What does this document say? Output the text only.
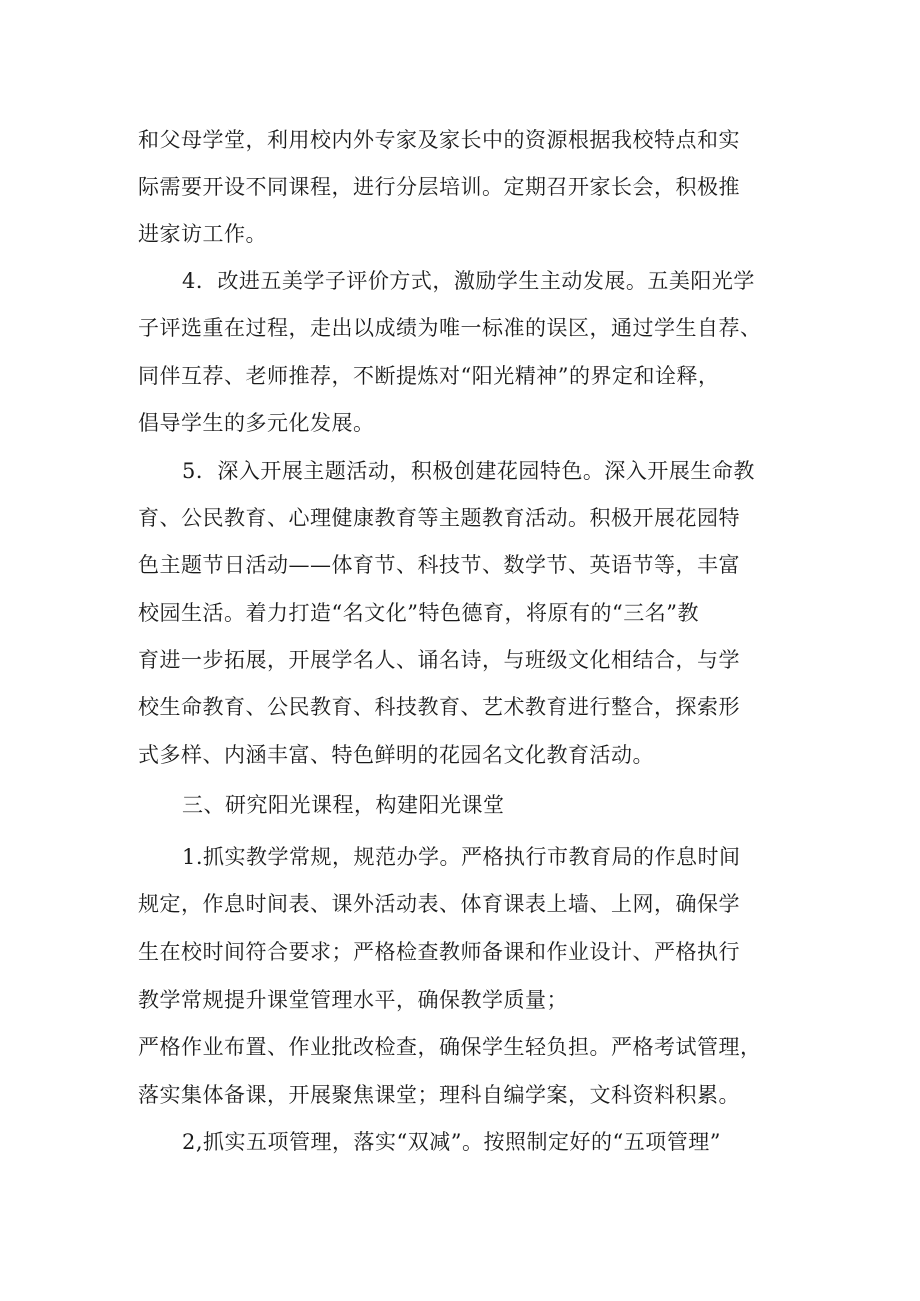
和父母学堂，利用校内外专家及家长中的资源根据我校特点和实
际需要开设不同课程，进行分层培训。定期召开家长会，积极推
进家访工作。
4．改进五美学子评价方式，激励学生主动发展。五美阳光学
子评选重在过程，走出以成绩为唯一标准的误区，通过学生自荐、
同伴互荐、老师推荐，不断提炼对“阳光精神”的界定和诠释，
倡导学生的多元化发展。
5．深入开展主题活动，积极创建花园特色。深入开展生命教
育、公民教育、心理健康教育等主题教育活动。积极开展花园特
色主题节日活动——体育节、科技节、数学节、英语节等，丰富
校园生活。着力打造“名文化”特色德育，将原有的“三名”教
育进一步拓展，开展学名人、诵名诗，与班级文化相结合，与学
校生命教育、公民教育、科技教育、艺术教育进行整合，探索形
式多样、内涵丰富、特色鲜明的花园名文化教育活动。
三、研究阳光课程，构建阳光课堂
1.抓实教学常规，规范办学。严格执行市教育局的作息时间
规定，作息时间表、课外活动表、体育课表上墙、上网，确保学
生在校时间符合要求；严格检查教师备课和作业设计、严格执行
教学常规提升课堂管理水平，确保教学质量；
严格作业布置、作业批改检查，确保学生轻负担。严格考试管理，
落实集体备课，开展聚焦课堂；理科自编学案，文科资料积累。
2,抓实五项管理，落实“双减”。按照制定好的“五项管理”
